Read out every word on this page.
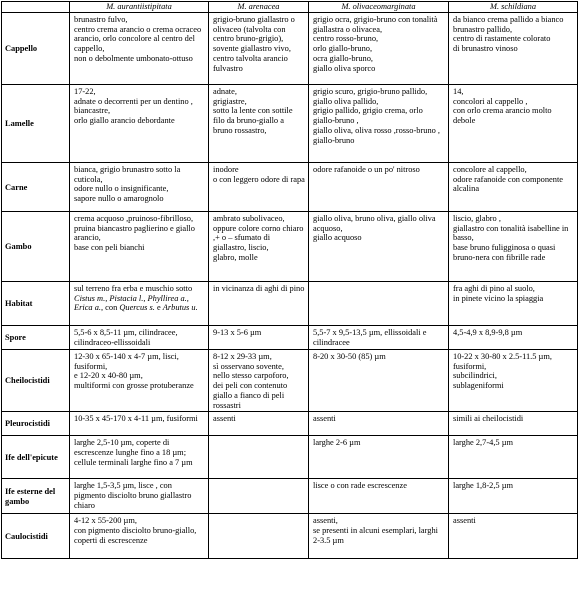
	M. aurantiistipitata	M. arenacea	M. olivaceomarginata	M. schildiana
Cappello	brunastro fulvo,
centro crema arancio o crema ocraceo arancio, orlo concolore al centro del cappello,
non o debolmente umbonato-ottuso	grigio-bruno giallastro o olivaceo (talvolta con centro bruno-grigio),
sovente giallastro vivo,
centro talvolta arancio fulvastro	grigio ocra, grigio-bruno con tonalità giallastra o olivacea,
centro rosso-bruno,
orlo giallo-bruno,
ocra giallo-bruno,
giallo oliva sporco	da bianco crema pallido a bianco brunastro pallido,
centro di rastamente colorato
di brunastro vinoso
Lamelle	17-22,
adnate o decorrenti per un dentino ,
biancastre,
orlo giallo arancio debordante	adnate,
grigiastre,
sotto la lente con sottile filo da bruno-giallo a bruno rossastro,	grigio scuro, grigio-bruno pallido, giallo oliva pallido,
grigio pallido, grigio crema, orlo giallo-bruno ,
giallo oliva, oliva rosso ,rosso-bruno , giallo-bruno	14,
concolori al cappello ,
con orlo crema arancio molto debole
Carne	bianca, grigio brunastro sotto la cuticola,
odore nullo o insignificante,
sapore nullo o amarognolo	inodore
o con leggero odore di rapa	odore rafanoide o un po' nitroso	concolore al cappello,
odore rafanoide con componente alcalina
Gambo	crema acquoso ,pruinoso-fibrilloso, pruina biancastro paglierino e giallo arancio,
base con peli bianchi	ambrato subolivaceo,
oppure colore corno chiaro ,+ o – sfumato di giallastro, liscio,
glabro, molle	giallo oliva, bruno oliva, giallo oliva acquoso,
giallo acquoso	liscio, glabro ,
giallastro con tonalità isabelline in basso,
base bruno fuligginosa o quasi bruno-nera con fibrille rade
Habitat	sul terreno fra erba e muschio sotto Cistus m., Pistacia l., Phyllirea a., Erica a., con Quercus s. e Arbutus u.	in vicinanza di aghi di pino		fra aghi di pino al suolo,
in pinete vicino la spiaggia
Spore	5,5-6 x 8,5-11 µm, cilindracee, cilindraceo-ellissoidali	9-13 x 5-6 µm	5,5-7 x 9,5-13,5 µm, ellissoidali e cilindracee	4,5-4,9 x 8,9-9,8 µm
Cheilocistidi	12-30 x 65-140 x 4-7 µm, lisci, fusiformi,
e 12-20 x 40-80 µm,
multiformi con grosse protuberanze	8-12 x 29-33 µm,
sì osservano sovente,
nello stesso carpoforo,
dei peli con contenuto giallo a fianco di peli rossastri	8-20 x 30-50 (85) µm	10-22 x 30-80 x 2.5-11.5 µm, fusiformi,
subcilindrici,
sublageniformi
Pleurocistidi	10-35 x 45-170 x 4-11 µm, fusiformi	assenti	assenti	simili ai cheilocistidi
Ife dell'epicute	larghe 2,5-10 µm, coperte di escrescenze lunghe fino a 18 µm; cellule terminali larghe fino a 7 µm		larghe 2-6 µm	larghe 2,7-4,5 µm
Ife esterne del gambo	larghe 1,5-3,5 µm, lisce , con pigmento disciolto bruno giallastro chiaro		lisce o con rade escrescenze	larghe 1,8-2,5 µm
Caulocistidi	4-12 x 55-200 µm,
con pigmento disciolto bruno-giallo,
coperti di escrescenze		assenti,
se presenti in alcuni esemplari, larghi 2-3.5 µm	assenti
